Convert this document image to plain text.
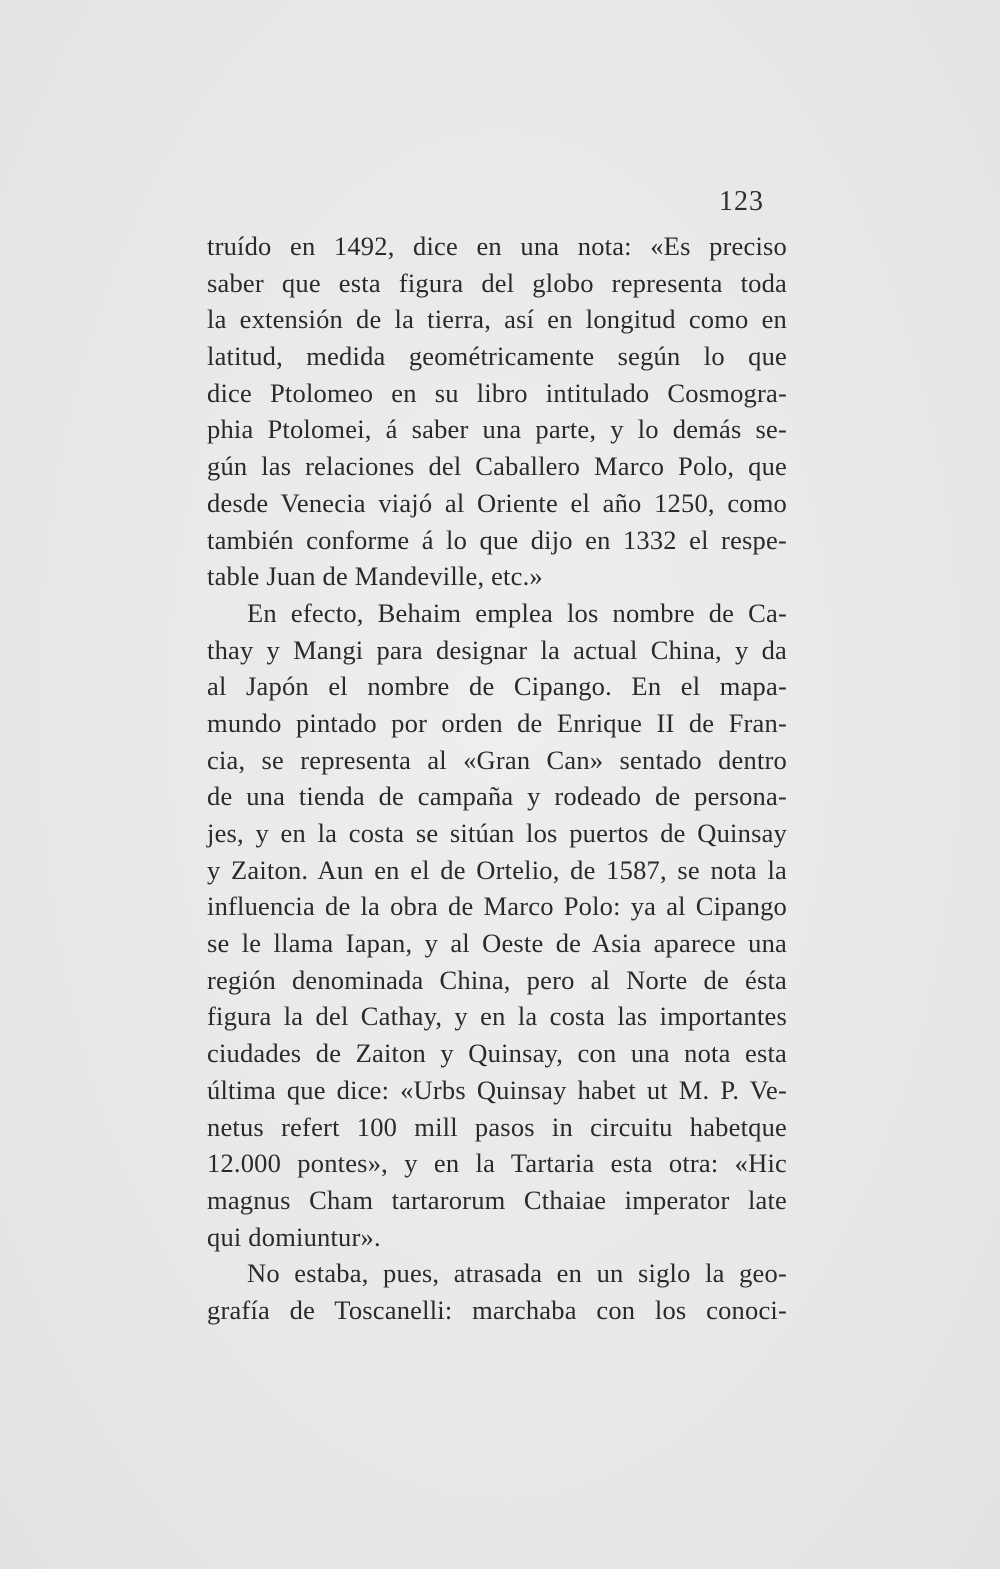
123
truído en 1492, dice en una nota: «Es preciso
saber que esta figura del globo representa toda
la extensión de la tierra, así en longitud como en
latitud, medida geométricamente según lo que
dice Ptolomeo en su libro intitulado Cosmogra-
phia Ptolomei, á saber una parte, y lo demás se-
gún las relaciones del Caballero Marco Polo, que
desde Venecia viajó al Oriente el año 1250, como
también conforme á lo que dijo en 1332 el respe-
table Juan de Mandeville, etc.»
En efecto, Behaim emplea los nombre de Ca-
thay y Mangi para designar la actual China, y da
al Japón el nombre de Cipango. En el mapa-
mundo pintado por orden de Enrique II de Fran-
cia, se representa al «Gran Can» sentado dentro
de una tienda de campaña y rodeado de persona-
jes, y en la costa se sitúan los puertos de Quinsay
y Zaiton. Aun en el de Ortelio, de 1587, se nota la
influencia de la obra de Marco Polo: ya al Cipango
se le llama Iapan, y al Oeste de Asia aparece una
región denominada China, pero al Norte de ésta
figura la del Cathay, y en la costa las importantes
ciudades de Zaiton y Quinsay, con una nota esta
última que dice: «Urbs Quinsay habet ut M. P. Ve-
netus refert 100 mill pasos in circuitu habetque
12.000 pontes», y en la Tartaria esta otra: «Hic
magnus Cham tartarorum Cthaiae imperator late
qui domiuntur».
No estaba, pues, atrasada en un siglo la geo-
grafía de Toscanelli: marchaba con los conoci-
